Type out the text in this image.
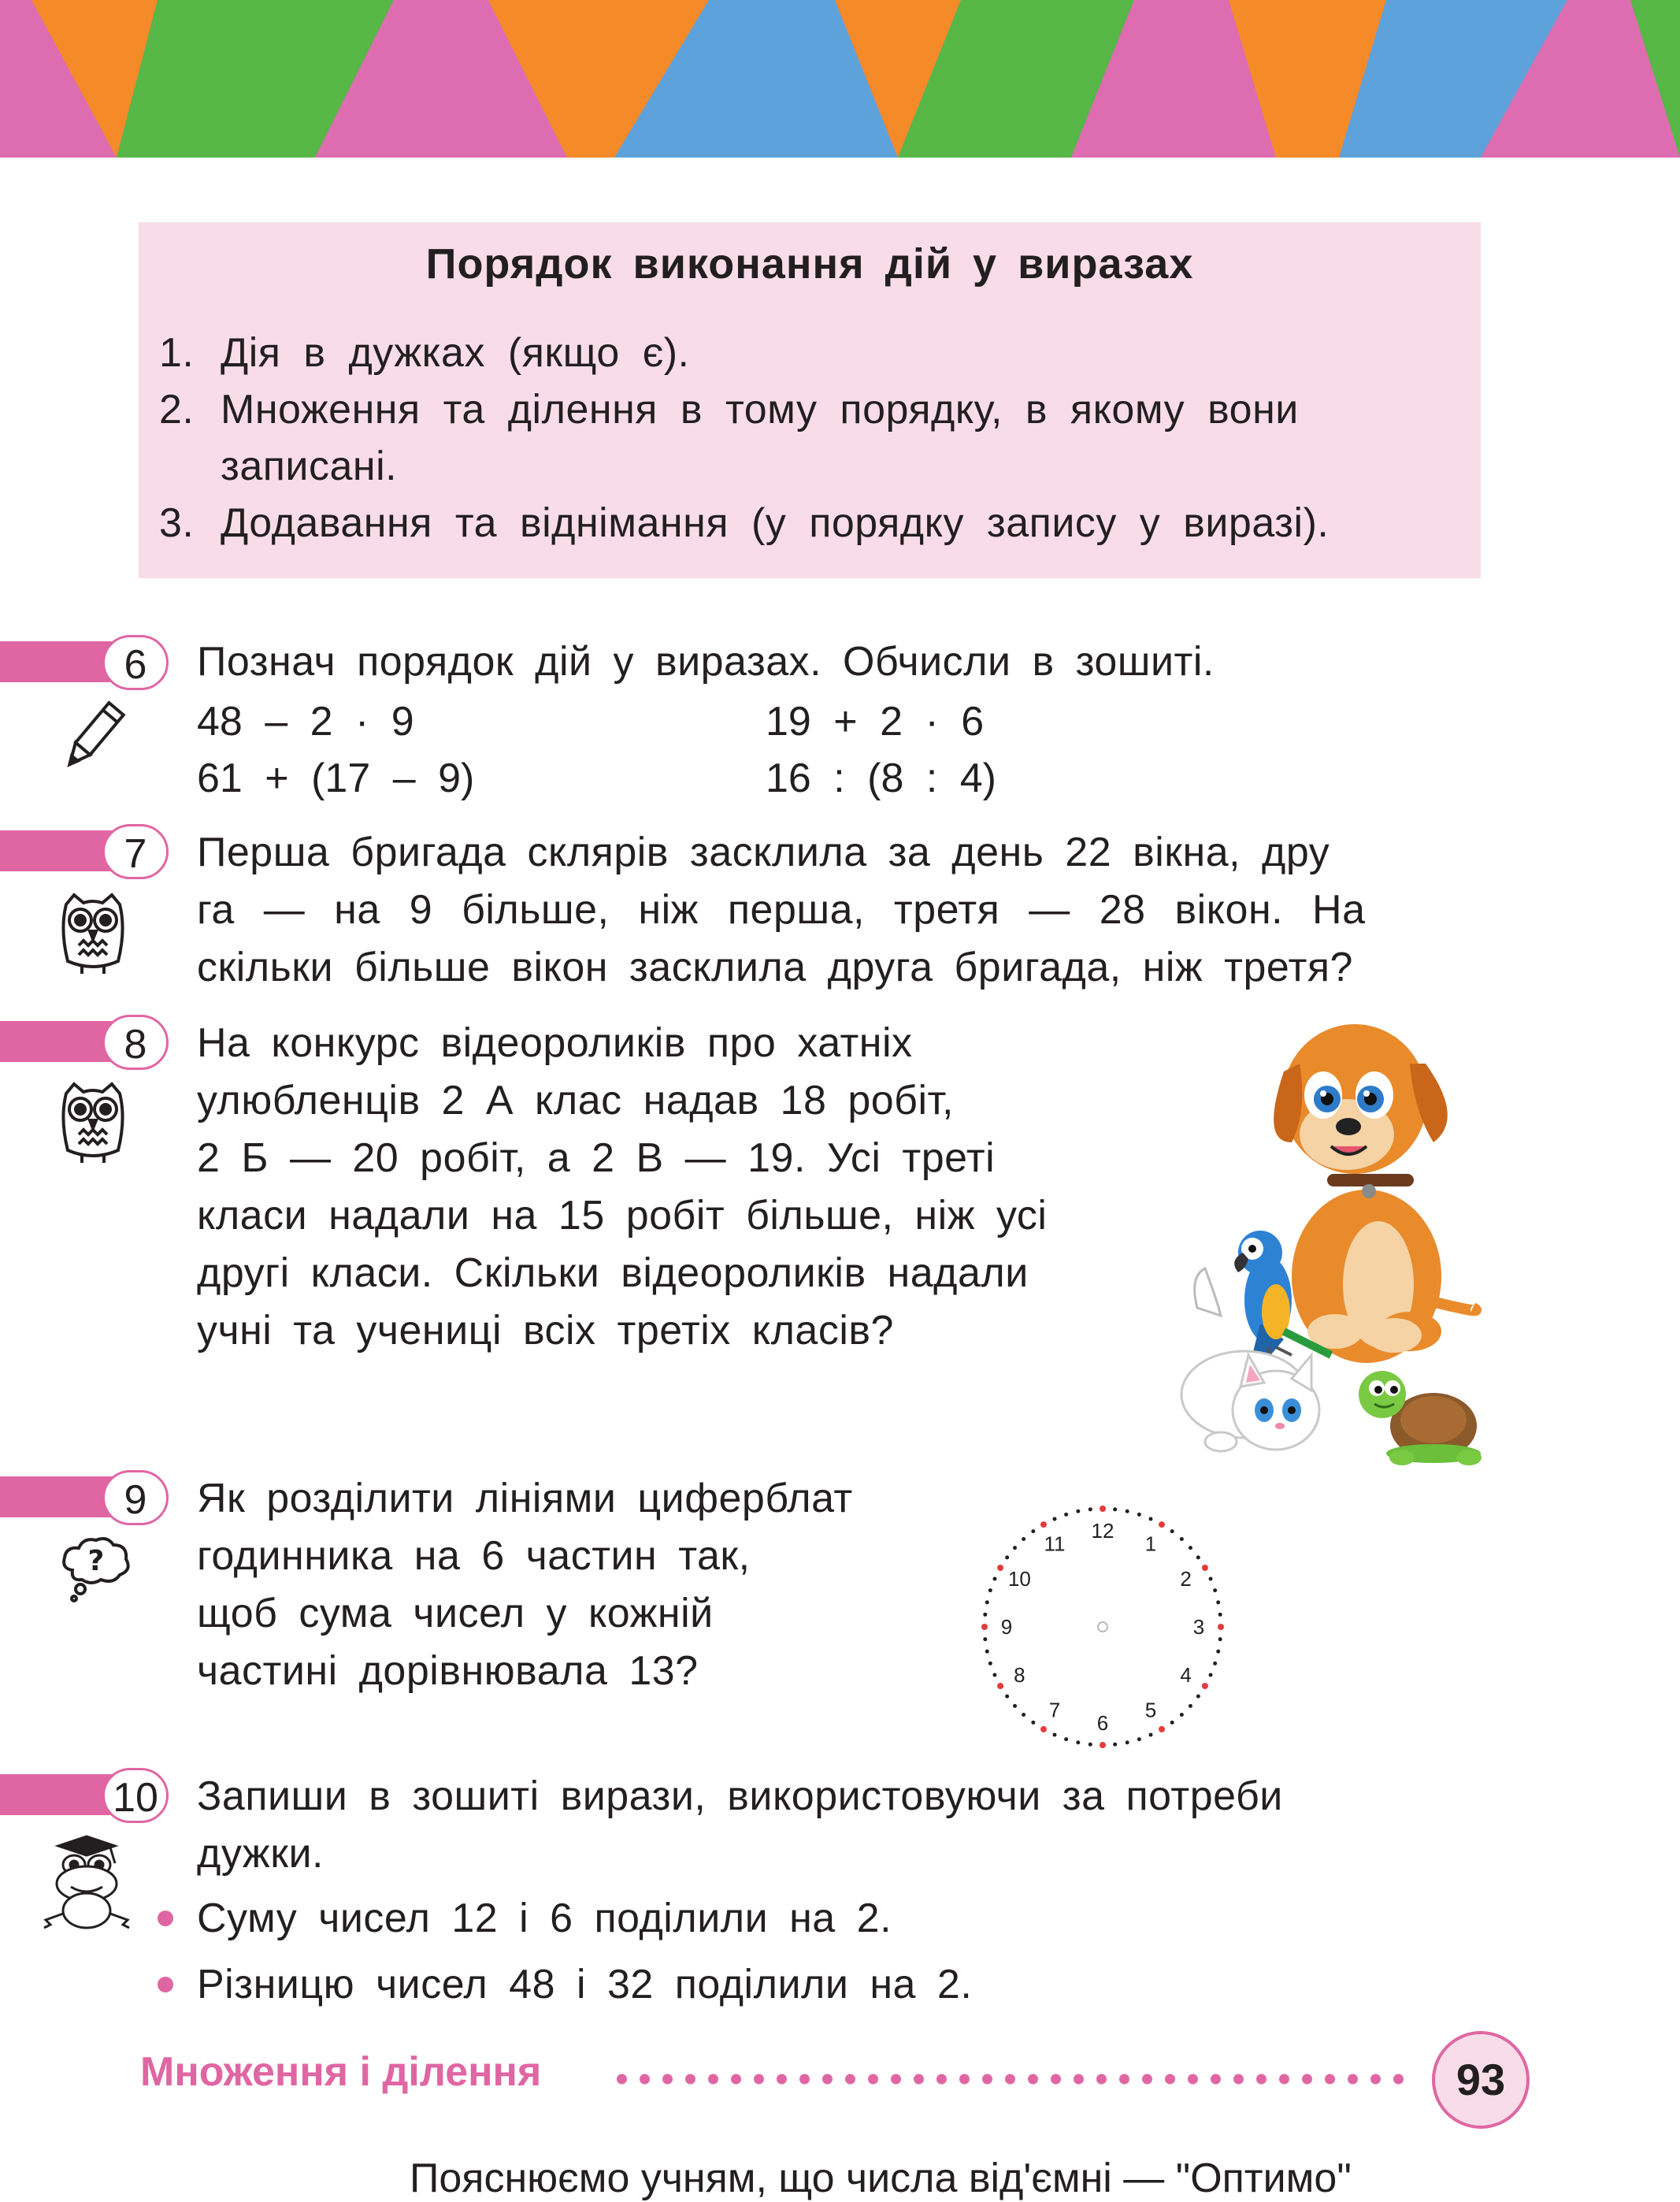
Порядок виконання дій у виразах
1. Дія в дужках (якщо є).
2. Множення та ділення в тому порядку, в якому вони
записані.
3. Додавання та віднімання (у порядку запису у виразі).
6	Познач порядок дій у виразах. Обчисли в зошиті.
48 – 2 · 9	19 + 2 · 6
61 + (17 – 9)	16 : (8 : 4)
7	Перша бригада склярів засклила за день 22 вікна, дру
га — на 9 більше, ніж перша, третя — 28 вікон. На
скільки більше вікон засклила друга бригада, ніж третя?
8	На конкурс відеороликів про хатніх
улюбленців 2 А клас надав 18 робіт,
2 Б — 20 робіт, а 2 В — 19. Усі треті
класи надали на 15 робіт більше, ніж усі
другі класи. Скільки відеороликів надали
учні та учениці всіх третіх класів?
9
?
Як розділити лініями циферблат
годинника на 6 частин так,
щоб сума чисел у кожній
частині дорівнювала 13?
12
1
2
3
4
5
6
7
8
9
10
11
10 Запиши в зошиті вирази, використовуючи за потреби
дужки.
Суму чисел 12 і 6 поділили на 2.
Різницю чисел 48 і 32 поділили на 2.
Множення і ділення	93
Пояснюємо учням, що числа від'ємні — "Оптимо"
